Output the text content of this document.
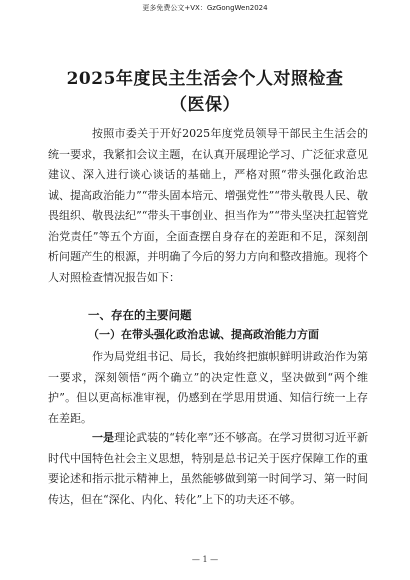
更多免费公文+VX：GzGongWen2024
2025年度民主生活会个人对照检查（医保）
按照市委关于开好2025年度党员领导干部民主生活会的统一要求，我紧扣会议主题，在认真开展理论学习、广泛征求意见建议、深入进行谈心谈话的基础上，严格对照“带头强化政治忠诚、提高政治能力”“带头固本培元、增强党性”“带头敬畏人民、敬畏组织、敬畏法纪”“带头干事创业、担当作为”“带头坚决扛起管党治党责任”等五个方面，全面查摆自身存在的差距和不足，深刻剖析问题产生的根源，并明确了今后的努力方向和整改措施。现将个人对照检查情况报告如下：
一、存在的主要问题
（一）在带头强化政治忠诚、提高政治能力方面
作为局党组书记、局长，我始终把旗帜鲜明讲政治作为第一要求，深刻领悟“两个确立”的决定性意义，坚决做到“两个维护”。但以更高标准审视，仍感到在学思用贯通、知信行统一上存在差距。
一是理论武装的“转化率”还不够高。在学习贯彻习近平新时代中国特色社会主义思想，特别是总书记关于医疗保障工作的重要论述和指示批示精神上，虽然能够做到第一时间学习、第一时间传达，但在“深化、内化、转化”上下的功夫还不够。
— 1 —
